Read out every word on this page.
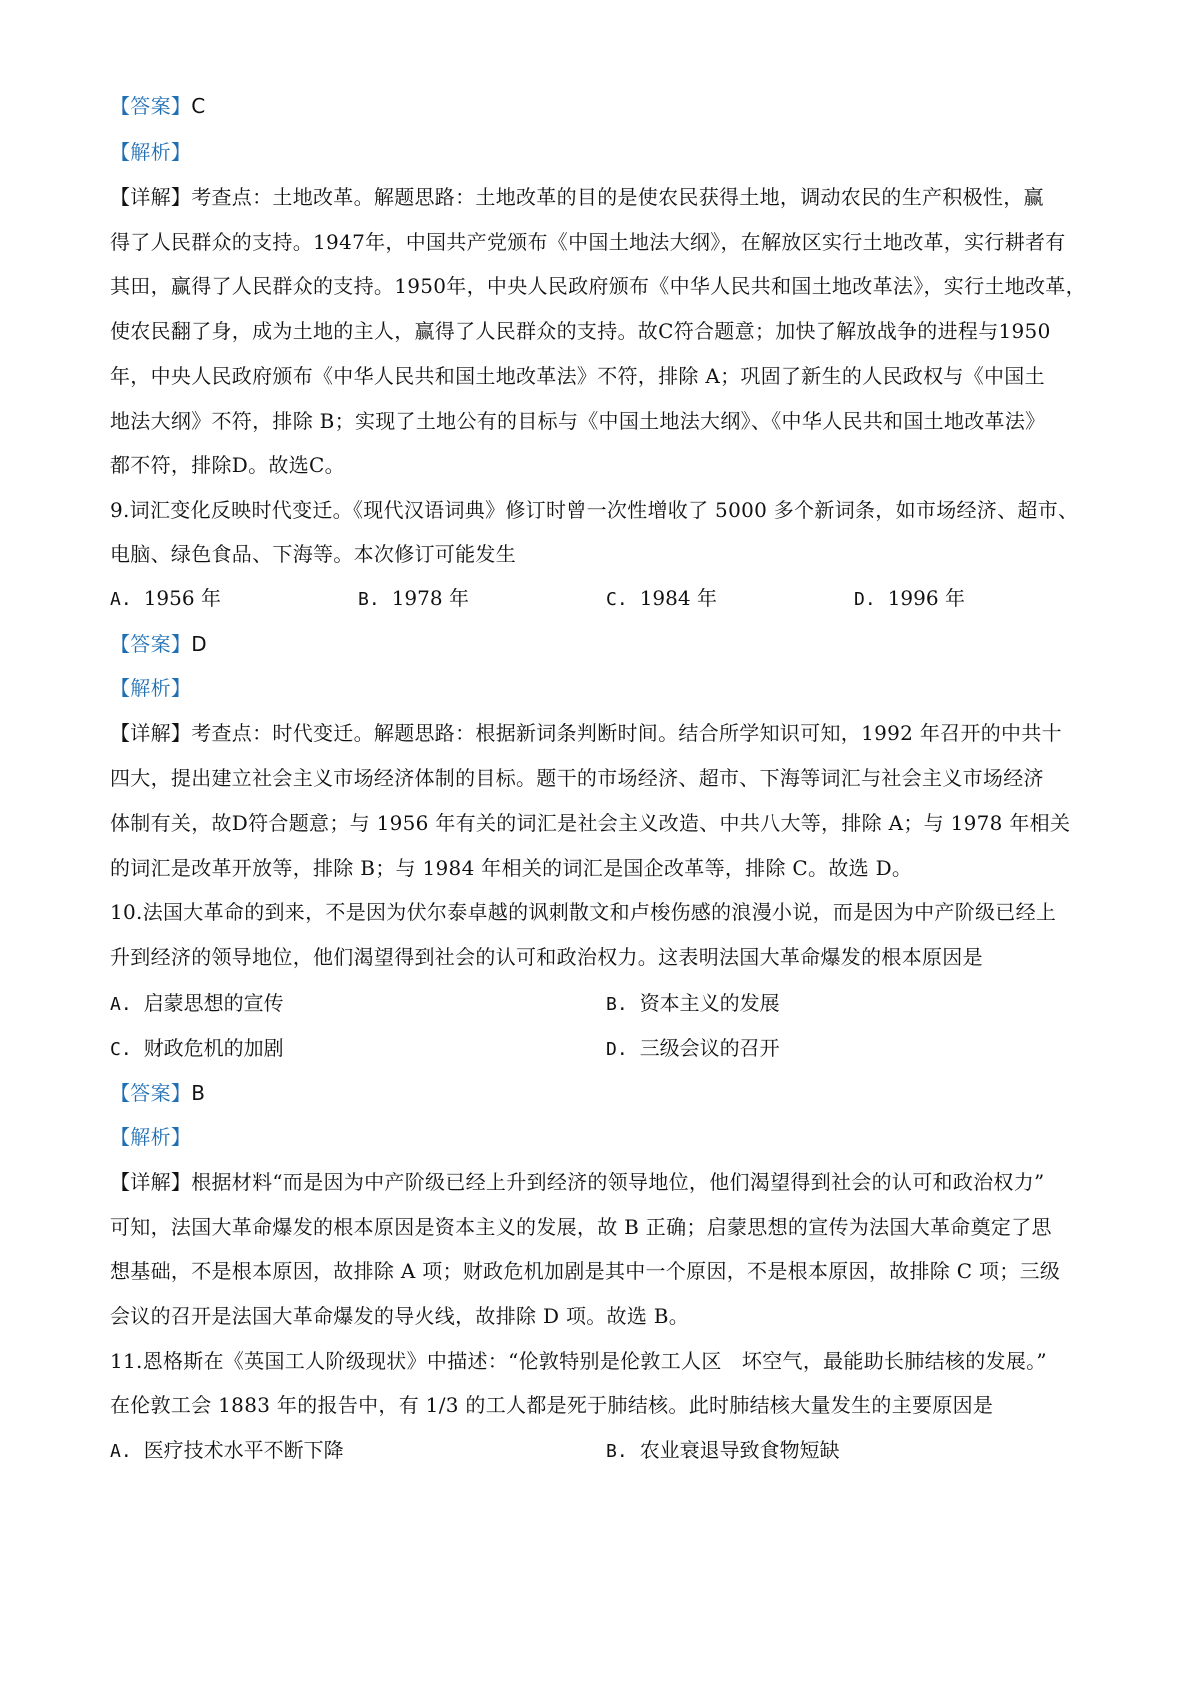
【答案】C
【解析】
【详解】考查点：土地改革。解题思路：土地改革的目的是使农民获得土地，调动农民的生产积极性，赢
得了人民群众的支持。1947年，中国共产党颁布《中国土地法大纲》，在解放区实行土地改革，实行耕者有
其田，赢得了人民群众的支持。1950年，中央人民政府颁布《中华人民共和国土地改革法》，实行土地改革，
使农民翻了身，成为土地的主人，赢得了人民群众的支持。故C符合题意；加快了解放战争的进程与1950
年，中央人民政府颁布《中华人民共和国土地改革法》不符，排除 A；巩固了新生的人民政权与《中国土
地法大纲》不符，排除 B；实现了土地公有的目标与《中国土地法大纲》、《中华人民共和国土地改革法》
都不符，排除D。故选C。
9.词汇变化反映时代变迁。《现代汉语词典》修订时曾一次性增收了 5000 多个新词条，如市场经济、超市、
电脑、绿色食品、下海等。本次修订可能发生
A. 1956 年	B. 1978 年	C. 1984 年	D. 1996 年
【答案】D
【解析】
【详解】考查点：时代变迁。解题思路：根据新词条判断时间。结合所学知识可知，1992 年召开的中共十
四大，提出建立社会主义市场经济体制的目标。题干的市场经济、超市、下海等词汇与社会主义市场经济
体制有关，故D符合题意；与 1956 年有关的词汇是社会主义改造、中共八大等，排除 A；与 1978 年相关
的词汇是改革开放等，排除 B；与 1984 年相关的词汇是国企改革等，排除 C。故选 D。
10.法国大革命的到来，不是因为伏尔泰卓越的讽刺散文和卢梭伤感的浪漫小说，而是因为中产阶级已经上
升到经济的领导地位，他们渴望得到社会的认可和政治权力。这表明法国大革命爆发的根本原因是
A. 启蒙思想的宣传	B. 资本主义的发展
C. 财政危机的加剧	D. 三级会议的召开
【答案】B
【解析】
【详解】根据材料“而是因为中产阶级已经上升到经济的领导地位，他们渴望得到社会的认可和政治权力”
可知，法国大革命爆发的根本原因是资本主义的发展，故 B 正确；启蒙思想的宣传为法国大革命奠定了思
想基础，不是根本原因，故排除 A 项；财政危机加剧是其中一个原因，不是根本原因，故排除 C 项；三级
会议的召开是法国大革命爆发的导火线，故排除 D 项。故选 B。
11.恩格斯在《英国工人阶级现状》中描述：“伦敦特别是伦敦工人区　坏空气，最能助长肺结核的发展。”
在伦敦工会 1883 年的报告中，有 1/3 的工人都是死于肺结核。此时肺结核大量发生的主要原因是
A. 医疗技术水平不断下降	B. 农业衰退导致食物短缺
